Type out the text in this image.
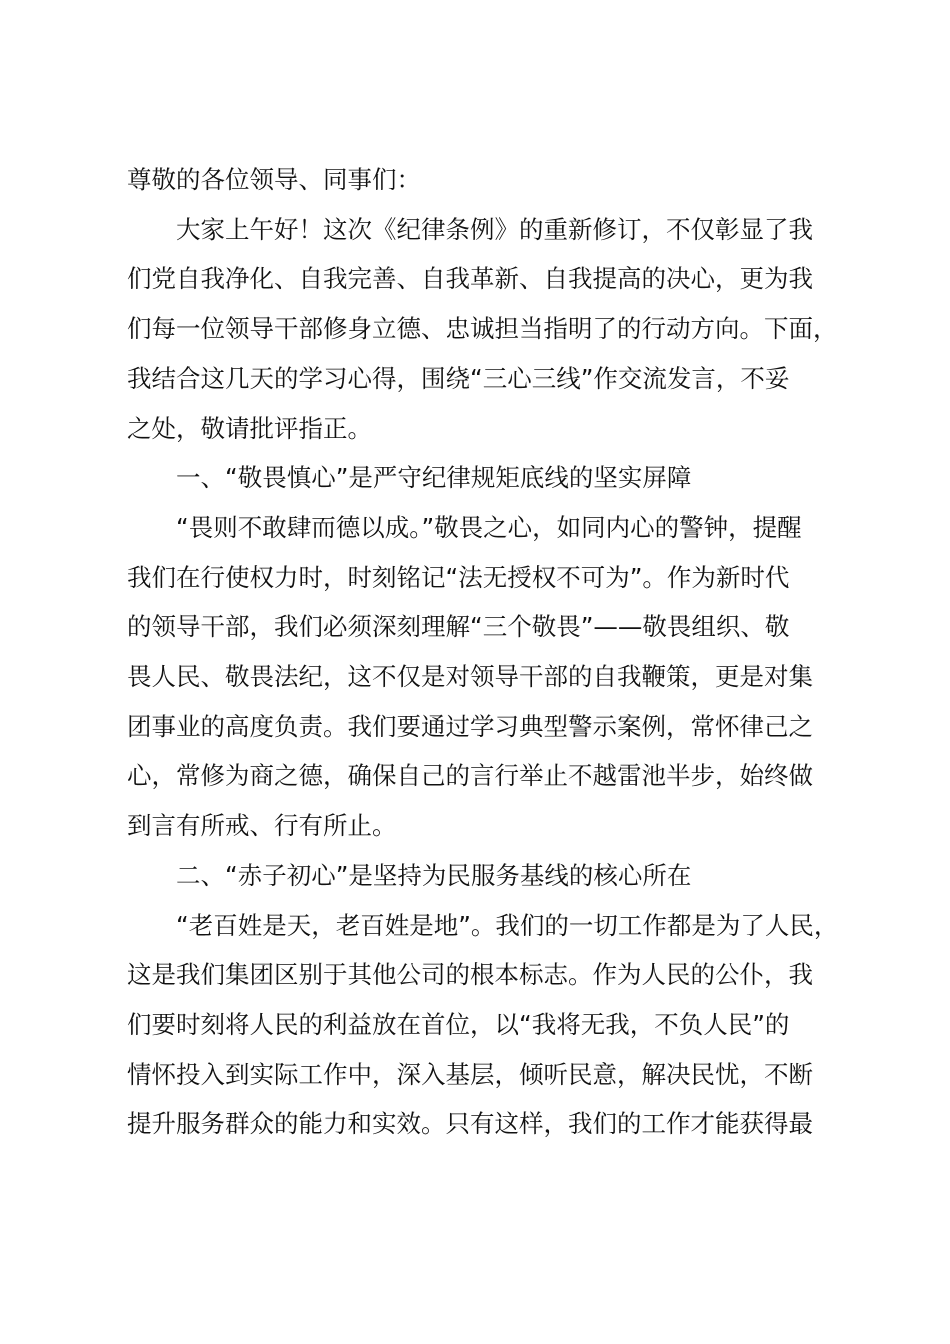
尊敬的各位领导、同事们：

大家上午好！这次《纪律条例》的重新修订，不仅彰显了我

们党自我净化、自我完善、自我革新、自我提高的决心，更为我

们每一位领导干部修身立德、忠诚担当指明了的行动方向。下面，

我结合这几天的学习心得，围绕“三心三线”作交流发言，不妥

之处，敬请批评指正。

一、“敬畏慎心”是严守纪律规矩底线的坚实屏障

“畏则不敢肆而德以成。”敬畏之心，如同内心的警钟，提醒

我们在行使权力时，时刻铭记“法无授权不可为”。作为新时代

的领导干部，我们必须深刻理解“三个敬畏”——敬畏组织、敬

畏人民、敬畏法纪，这不仅是对领导干部的自我鞭策，更是对集

团事业的高度负责。我们要通过学习典型警示案例，常怀律己之

心，常修为商之德，确保自己的言行举止不越雷池半步，始终做

到言有所戒、行有所止。

二、“赤子初心”是坚持为民服务基线的核心所在

“老百姓是天，老百姓是地”。我们的一切工作都是为了人民，

这是我们集团区别于其他公司的根本标志。作为人民的公仆，我

们要时刻将人民的利益放在首位，以“我将无我，不负人民”的

情怀投入到实际工作中，深入基层，倾听民意，解决民忧，不断

提升服务群众的能力和实效。只有这样，我们的工作才能获得最
